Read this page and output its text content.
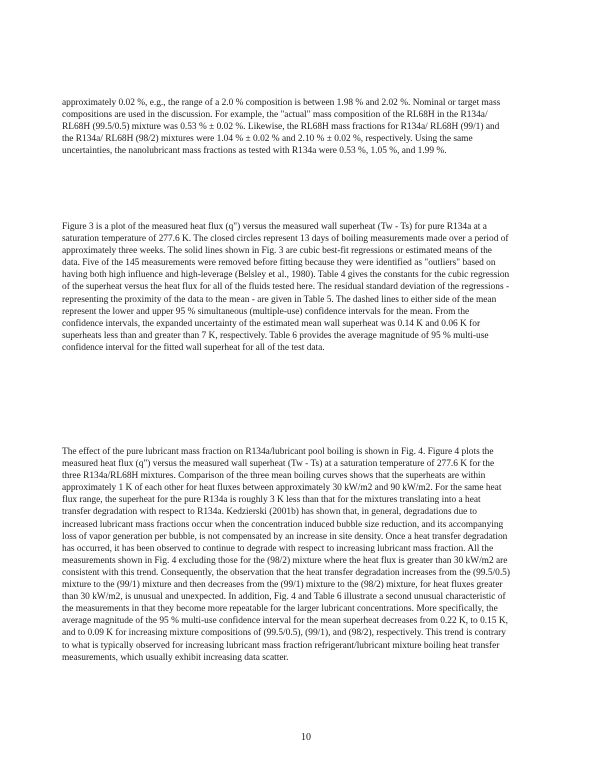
approximately 0.02 %, e.g., the range of a 2.0 % composition is between 1.98 % and 2.02 %. Nominal or target mass compositions are used in the discussion. For example, the "actual" mass composition of the RL68H in the R134a/ RL68H (99.5/0.5) mixture was 0.53 % ± 0.02 %. Likewise, the RL68H mass fractions for R134a/ RL68H (99/1) and the R134a/ RL68H (98/2) mixtures were 1.04 % ± 0.02 % and 2.10 % ± 0.02 %, respectively. Using the same uncertainties, the nanolubricant mass fractions as tested with R134a were 0.53 %, 1.05 %, and 1.99 %.

Figure 3 is a plot of the measured heat flux (q") versus the measured wall superheat (Tw - Ts) for pure R134a at a saturation temperature of 277.6 K. The closed circles represent 13 days of boiling measurements made over a period of approximately three weeks. The solid lines shown in Fig. 3 are cubic best-fit regressions or estimated means of the data. Five of the 145 measurements were removed before fitting because they were identified as "outliers" based on having both high influence and high-leverage (Belsley et al., 1980). Table 4 gives the constants for the cubic regression of the superheat versus the heat flux for all of the fluids tested here. The residual standard deviation of the regressions - representing the proximity of the data to the mean - are given in Table 5. The dashed lines to either side of the mean represent the lower and upper 95 % simultaneous (multiple-use) confidence intervals for the mean. From the confidence intervals, the expanded uncertainty of the estimated mean wall superheat was 0.14 K and 0.06 K for superheats less than and greater than 7 K, respectively. Table 6 provides the average magnitude of 95 % multi-use confidence interval for the fitted wall superheat for all of the test data.

The effect of the pure lubricant mass fraction on R134a/lubricant pool boiling is shown in Fig. 4. Figure 4 plots the measured heat flux (q") versus the measured wall superheat (Tw - Ts) at a saturation temperature of 277.6 K for the three R134a/RL68H mixtures. Comparison of the three mean boiling curves shows that the superheats are within approximately 1 K of each other for heat fluxes between approximately 30 kW/m2 and 90 kW/m2. For the same heat flux range, the superheat for the pure R134a is roughly 3 K less than that for the mixtures translating into a heat transfer degradation with respect to R134a. Kedzierski (2001b) has shown that, in general, degradations due to increased lubricant mass fractions occur when the concentration induced bubble size reduction, and its accompanying loss of vapor generation per bubble, is not compensated by an increase in site density. Once a heat transfer degradation has occurred, it has been observed to continue to degrade with respect to increasing lubricant mass fraction. All the measurements shown in Fig. 4 excluding those for the (98/2) mixture where the heat flux is greater than 30 kW/m2 are consistent with this trend. Consequently, the observation that the heat transfer degradation increases from the (99.5/0.5) mixture to the (99/1) mixture and then decreases from the (99/1) mixture to the (98/2) mixture, for heat fluxes greater than 30 kW/m2, is unusual and unexpected. In addition, Fig. 4 and Table 6 illustrate a second unusual characteristic of the measurements in that they become more repeatable for the larger lubricant concentrations. More specifically, the average magnitude of the 95 % multi-use confidence interval for the mean superheat decreases from 0.22 K, to 0.15 K, and to 0.09 K for increasing mixture compositions of (99.5/0.5), (99/1), and (98/2), respectively. This trend is contrary to what is typically observed for increasing lubricant mass fraction refrigerant/lubricant mixture boiling heat transfer measurements, which usually exhibit increasing data scatter.

10
